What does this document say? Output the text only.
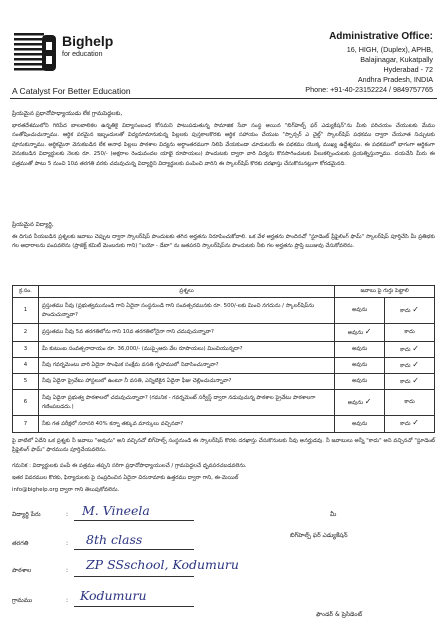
Bighelp
for education
A Catalyst For Better Education
Administrative Office:
16, HIGH, (Duplex), APHB,
Balajinagar, Kukatpally
Hyderabad - 72
Andhra Pradesh, INDIA
Phone: +91-40-23152224 / 9849757765
ప్రియమైన ప్రధానోపాధ్యాయుడు లేక గ్రామపెద్దలకు,
భారతదేశములోని గిరిపేద బాలబాలికల ఉన్నతికై విద్యాసంబంధ కోసమని పాటుపడుతున్న సామాజిక సేవా సంస్థ అయిన "బిగ్‌హెల్ప్ ఫర్ ఎడ్యుకేషన్"ను మీకు పరిచయం చేయుటకు మేము సంతోషించుచున్నాము. ఆర్థిక పరమైన ఇబ్బందులతో విద్యనూమానుకున్న పిల్లలకు పుస్తకాలకొరకు ఆర్థిక సహాయం చేయుట "స్పాన్సర్ ఎ చైల్డ్" స్కాలర్‌షిప్ పథకము ద్వారా చేయూత నిచ్చుటకు పూనుకున్నాము. ఆర్థికమైనా వెనుకబడిన లేక అనాధ పిల్లలు పాఠశాల విద్యను అర్ధాంతరముగా నిలిపి వేయకుండా చూడుటయే ఈ పథకము యొక్క ముఖ్య ఉద్దేశ్యము. ఈ పథకములో భాగంగా ఆర్థికంగా వెనుకబడిన విద్యార్థులకు నెలకు రూ. 250/- (అక్షరాల రెండువందల యాభై రూపాయలు) పొందుటకు ద్వారా వారి విద్యను కొనసాగించుటకు వీలుకల్పించుటకు ప్రయత్నిస్తున్నాము. దయచేసి మీరు ఈ పత్రముతో పాటు 5 నుంచి 10వ తరగతి వరకు చదువుచున్న విద్యార్థిని విద్యార్థులకు పంపించి వారిని ఈ స్కాలర్‌షిప్ కొరకు దరఖాస్తు చేసుకొనునట్లుగా కోరడమైనది.
ప్రియమైన విద్యార్థి,
ఈ దిగువ నీయబడిన ప్రశ్నలకు జవాబు చెప్పుట ద్వారా స్కాలర్‌షిప్ పొందుటకు తగిన అర్హతను నిరూపించుకోవాలి. ఒక వేళ అర్హతను పొందినచో "స్టూడెంట్ ప్రీఫైలింగ్ ఫామ్" స్కాలర్‌షిప్ పూర్తిచేసి మీ ప్రతిభకు గల ఆధారాలను పంపవలెను (ప్రాజెక్ట్ కమిటీ మెంబరుకు గాని) "బయో - డేటా" ను జతపరచి స్కాలర్‌షిప్‌ను పొందుటకు నీకు గల అర్హతను ప్రాప్తి ఋజువు చేసుకోవలెను.
క్ర.సం.	ప్రశ్నలు	జవాబు పై గుర్తు పెట్టాలి	
1	ప్రస్తుతము నీవు (ప్రభుత్వమునుండి గాని ఏదైనా సంస్థనుండి గాని సంవత్సరమునకు రూ. 500/-లకు మించి నగదును / స్కాలర్‌షిప్‌ను పొందుచున్నావా?	అవును	కాదు ✓
2	ప్రస్తుతము నీవు 5వ తరగతిలోను గాని 10వ తరగతిలోనైనా గాని చదువుచున్నావా?	అవును ✓	కాదు
3	మీ కుటుంబ సంవత్సరాదాయం రూ. 36,000/- (ముప్పైఆరు వేల రూపాయలు) మించియున్నదా?	అవును	కాదు ✓
4	నీవు గవర్నమెంటు వారి ఏదైనా సాంఘిక సంక్షేమ వసతి గృహములో నివాసించున్నావా?	అవును	కాదు ✓
5	నీవు ఏదైనా ప్రైవేటు హాస్టలులో ఉంటూ నీ వసతి, ఎన్నిటికైన ఏదైనా ఫీజు చెల్లించుచున్నావా?	అవును	కాదు ✓
6	నీవు ఏదైనా ప్రభుత్వ పాఠశాలలో చదువుచున్నావా? (గమనిక - గవర్నమెంట్ సర్వీస్డ్ ద్వారా నడుపుచున్న పాఠశాల ప్రైవేటు పాఠశాలగా గణింపబడదు.)	అవును ✓	కాదు
7	నీకు గత పరీక్షలో సరాసరి 40% కన్నా తక్కువ మార్కులు వచ్చినవా?	అవును	కాదు ✓
పై వాటిలో ఏదేని ఒక ప్రశ్నకు నీ జవాబు "అవును" అని వచ్చినచో బిగ్‌హెల్ప్ సంస్థనుండి ఈ స్కాలర్‌షిప్ కొరకు దరఖాస్తు చేసుకొనుటకు నీవు అనర్హుడవు. నీ జవాబులు అన్నీ "కాదు" అని వచ్చినచో "స్టూడెంట్ ప్రీఫైలింగ్ ఫామ్" ఫారమును పూర్తిచేయవలెను.
గమనిక : విద్యార్థులకు పంపే ఈ పత్రము తప్పని సరిగా ప్రధానోపాధ్యాయులచే / గ్రామపెద్దలచే ధృవపరచబడవలెను.
ఇతర వివరముల కొరకు, ఫిర్యాదులకు పై సంప్రదించిన ఏదైనా చిరునామాకు ఉత్తరము ద్వారా గాని, ఈ-మెయిల్
info@bighelp.org ద్వారా గాని తెలుపుకోవలెను.
విద్యార్థి పేరు	: M. Vineela
తరగతి	: 8th class
పాఠశాల	: ZP SSschool, Kodumuru
గ్రామము	: Kodumuru
మీ
బిగ్‌హెల్ప్ ఫర్ ఎడ్యుకేషన్
ఫౌండర్ & ప్రెసిడెంట్
